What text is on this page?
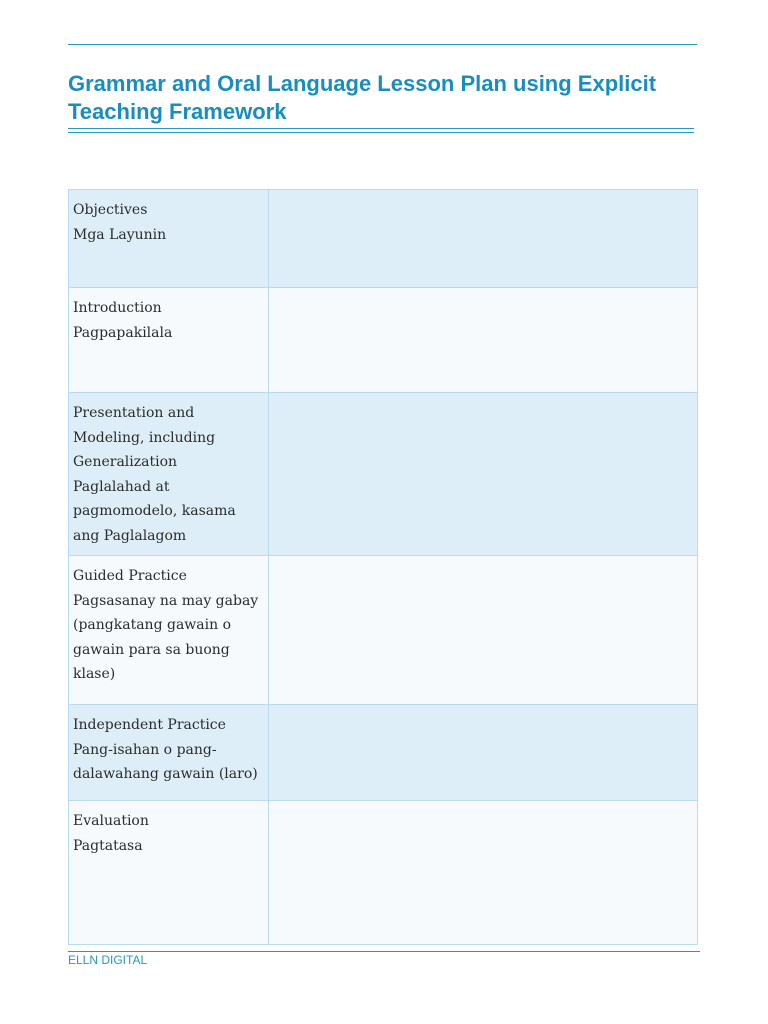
Grammar and Oral Language Lesson Plan using Explicit Teaching Framework
Objectives
Mga Layunin	

Introduction
Pagpapakilala	

Presentation and Modeling, including Generalization
Paglalahad at pagmomodelo, kasama ang Paglalagom	

Guided Practice
Pagsasanay na may gabay (pangkatang gawain o gawain para sa buong klase)	

Independent Practice
Pang-isahan o pang-dalawahang gawain (laro)	

Evaluation
Pagtatasa	

ELLN DIGITAL
